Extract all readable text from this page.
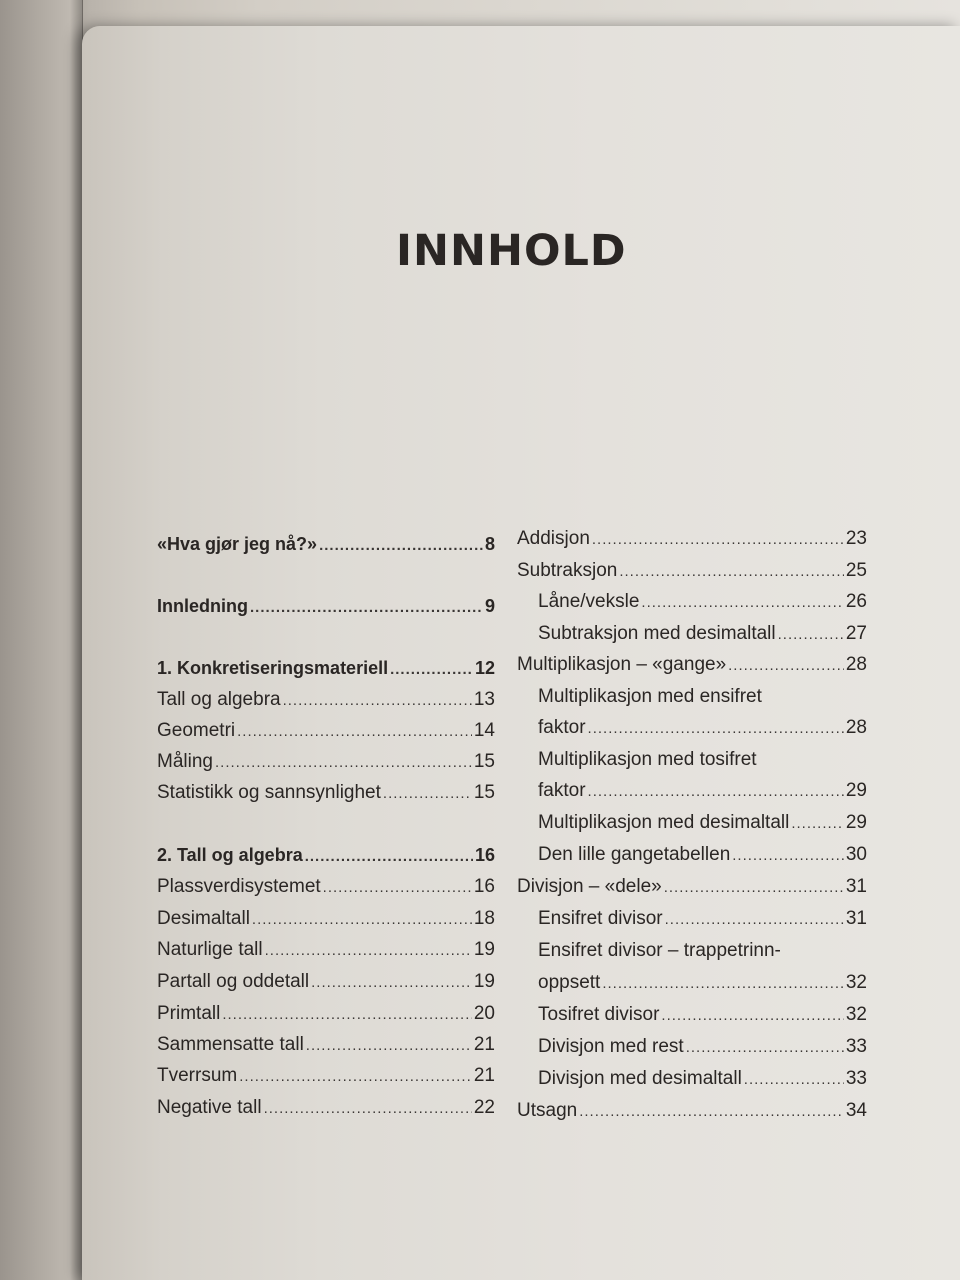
INNHOLD
«Hva gjør jeg nå?» .....	8
Innledning .....	9
1. Konkretiseringsmateriell .....	12
Tall og algebra .....	13
Geometri .....	14
Måling .....	15
Statistikk og sannsynlighet .....	15
2. Tall og algebra .....	16
Plassverdisystemet .....	16
Desimaltall .....	18
Naturlige tall .....	19
Partall og oddetall .....	19
Primtall .....	20
Sammensatte tall .....	21
Tverrsum .....	21
Negative tall .....	22
Addisjon .....	23
Subtraksjon .....	25
Låne/veksle .....	26
Subtraksjon med desimaltall .....	27
Multiplikasjon – «gange» .....	28
Multiplikasjon med ensifret
faktor .....	28
Multiplikasjon med tosifret
faktor .....	29
Multiplikasjon med desimaltall .....	29
Den lille gangetabellen .....	30
Divisjon – «dele» .....	31
Ensifret divisor .....	31
Ensifret divisor – trappetrinn-
oppsett .....	32
Tosifret divisor .....	32
Divisjon med rest .....	33
Divisjon med desimaltall .....	33
Utsagn .....	34
